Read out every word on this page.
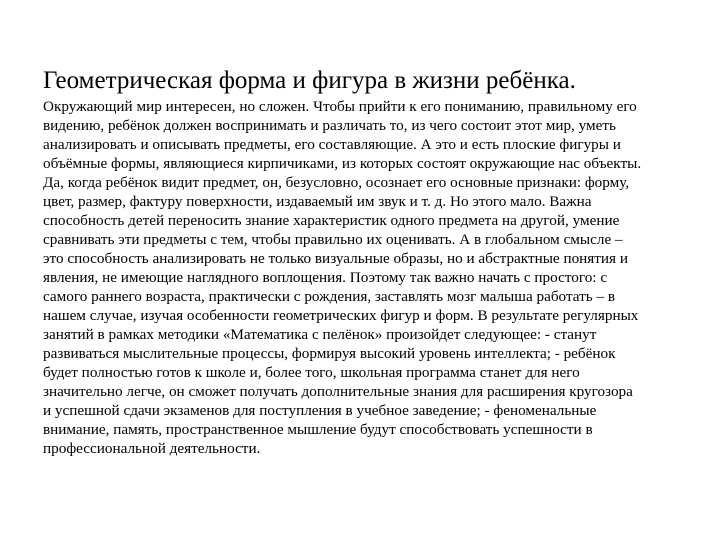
Геометрическая форма и фигура в жизни ребёнка.
Окружающий мир интересен, но сложен. Чтобы прийти к его пониманию, правильному его
видению, ребёнок должен воспринимать и различать то, из чего состоит этот мир, уметь
анализировать и описывать предметы, его составляющие. А это и есть плоские фигуры и
объёмные формы, являющиеся кирпичиками, из которых состоят окружающие нас объекты.
Да, когда ребёнок видит предмет, он, безусловно, осознает его основные признаки: форму,
цвет, размер, фактуру поверхности, издаваемый им звук и т. д. Но этого мало. Важна
способность детей переносить знание характеристик одного предмета на другой, умение
сравнивать эти предметы с тем, чтобы правильно их оценивать. А в глобальном смысле –
это способность анализировать не только визуальные образы, но и абстрактные понятия и
явления, не имеющие наглядного воплощения. Поэтому так важно начать с простого: с
самого раннего возраста, практически с рождения, заставлять мозг малыша работать – в
нашем случае, изучая особенности геометрических фигур и форм. В результате регулярных
занятий в рамках методики «Математика с пелёнок» произойдет следующее: - станут
развиваться мыслительные процессы, формируя высокий уровень интеллекта; - ребёнок
будет полностью готов к школе и, более того, школьная программа станет для него
значительно легче, он сможет получать дополнительные знания для расширения кругозора
и успешной сдачи экзаменов для поступления в учебное заведение; - феноменальные
внимание, память, пространственное мышление будут способствовать успешности в
профессиональной деятельности.
